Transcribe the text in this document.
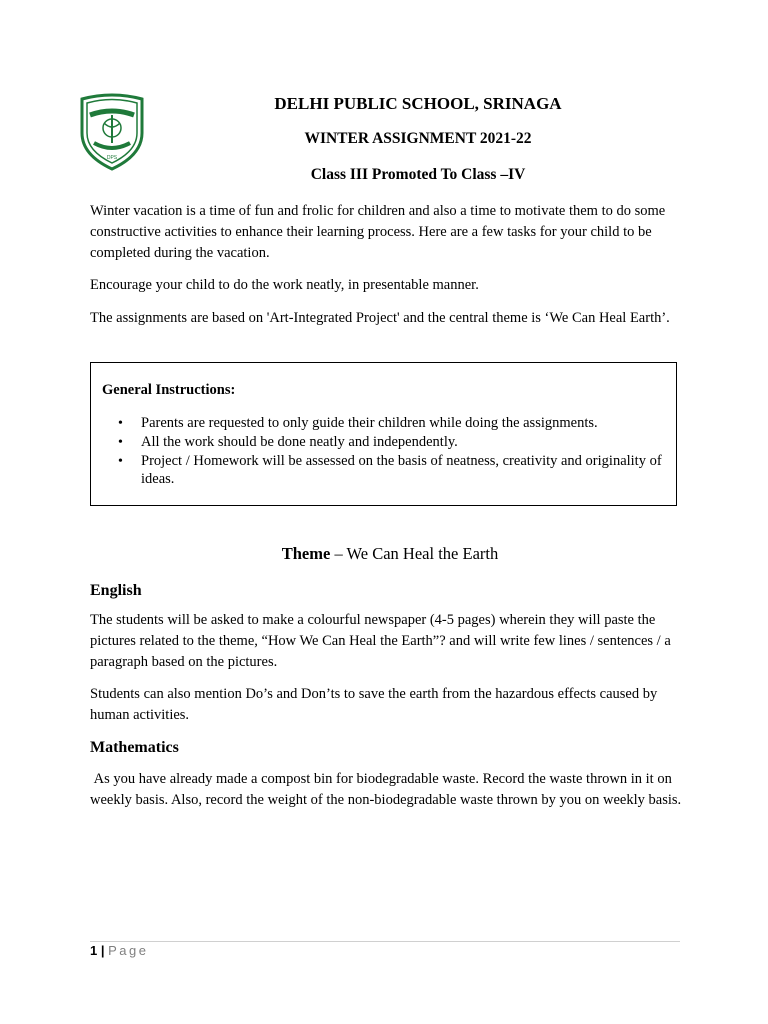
DPS
DELHI PUBLIC SCHOOL, SRINAGA
WINTER ASSIGNMENT 2021-22
Class III Promoted To Class –IV
Winter vacation is a time of fun and frolic for children and also a time to motivate them to do some constructive activities to enhance their learning process. Here are a few tasks for your child to be completed during the vacation.
Encourage your child to do the work neatly, in presentable manner.
The assignments are based on 'Art-Integrated Project' and the central theme is ‘We Can Heal Earth’.
General Instructions:
• Parents are requested to only guide their children while doing the assignments.
• All the work should be done neatly and independently.
• Project / Homework will be assessed on the basis of neatness, creativity and originality of ideas.
Theme – We Can Heal the Earth
English
The students will be asked to make a colourful newspaper (4-5 pages) wherein they will paste the pictures related to the theme, “How We Can Heal the Earth”? and will write few lines / sentences / a paragraph based on the pictures.
Students can also mention Do’s and Don’ts to save the earth from the hazardous effects caused by human activities.
Mathematics
As you have already made a compost bin for biodegradable waste. Record the waste thrown in it on weekly basis. Also, record the weight of the non-biodegradable waste thrown by you on weekly basis.
1 | Page
